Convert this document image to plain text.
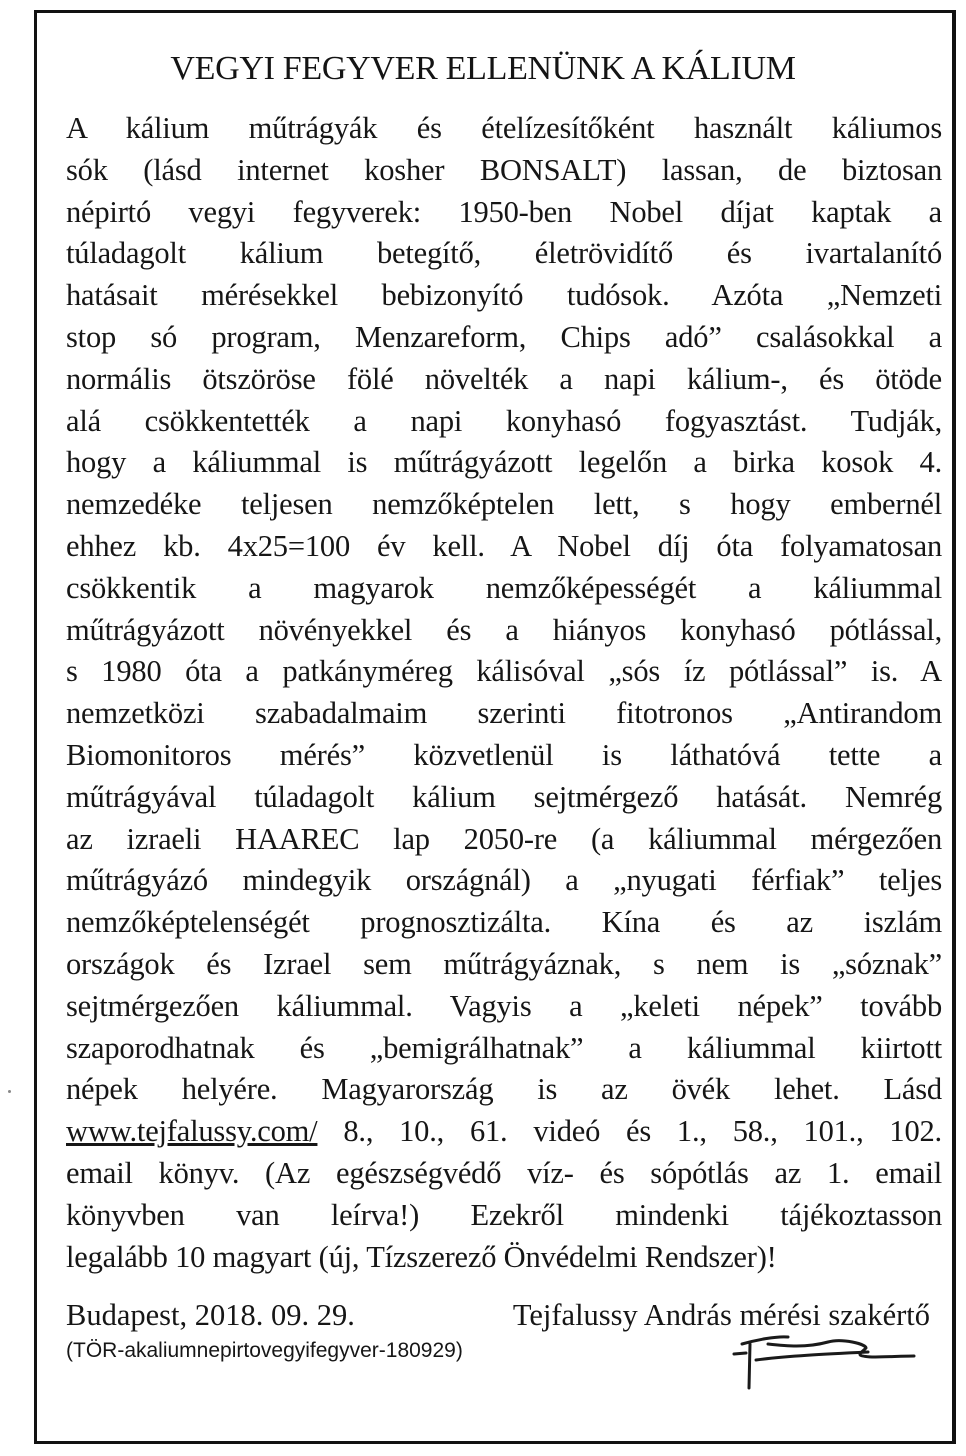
VEGYI FEGYVER ELLENÜNK A KÁLIUM
A kálium műtrágyák és ételízesítőként használt káliumos
sók (lásd internet kosher BONSALT) lassan, de biztosan
népirtó vegyi fegyverek: 1950-ben Nobel díjat kaptak a
túladagolt kálium betegítő, életrövidítő és ivartalanító
hatásait mérésekkel bebizonyító tudósok. Azóta „Nemzeti
stop só program, Menzareform, Chips adó” csalásokkal a
normális ötszöröse fölé növelték a napi kálium-, és ötöde
alá csökkentették a napi konyhasó fogyasztást. Tudják,
hogy a káliummal is műtrágyázott legelőn a birka kosok 4.
nemzedéke teljesen nemzőképtelen lett, s hogy embernél
ehhez kb. 4x25=100 év kell. A Nobel díj óta folyamatosan
csökkentik a magyarok nemzőképességét a káliummal
műtrágyázott növényekkel és a hiányos konyhasó pótlással,
s 1980 óta a patkányméreg kálisóval „sós íz pótlással” is. A
nemzetközi szabadalmaim szerinti fitotronos „Antirandom
Biomonitoros mérés” közvetlenül is láthatóvá tette a
műtrágyával túladagolt kálium sejtmérgező hatását. Nemrég
az izraeli HAAREC lap 2050-re (a káliummal mérgezően
műtrágyázó mindegyik országnál) a „nyugati férfiak” teljes
nemzőképtelenségét prognosztizálta. Kína és az iszlám
országok és Izrael sem műtrágyáznak, s nem is „sóznak”
sejtmérgezően káliummal. Vagyis a „keleti népek” tovább
szaporodhatnak és „bemigrálhatnak” a káliummal kiirtott
népek helyére. Magyarország is az övék lehet. Lásd
www.tejfalussy.com/ 8., 10., 61. videó és 1., 58., 101., 102.
email könyv. (Az egészségvédő víz- és sópótlás az 1. email
könyvben van leírva!) Ezekről mindenki tájékoztasson
legalább 10 magyart (új, Tízszerező Önvédelmi Rendszer)!
Budapest, 2018. 09. 29.	Tejfalussy András mérési szakértő
(TÖR-akaliumnepirtovegyifegyver-180929)
